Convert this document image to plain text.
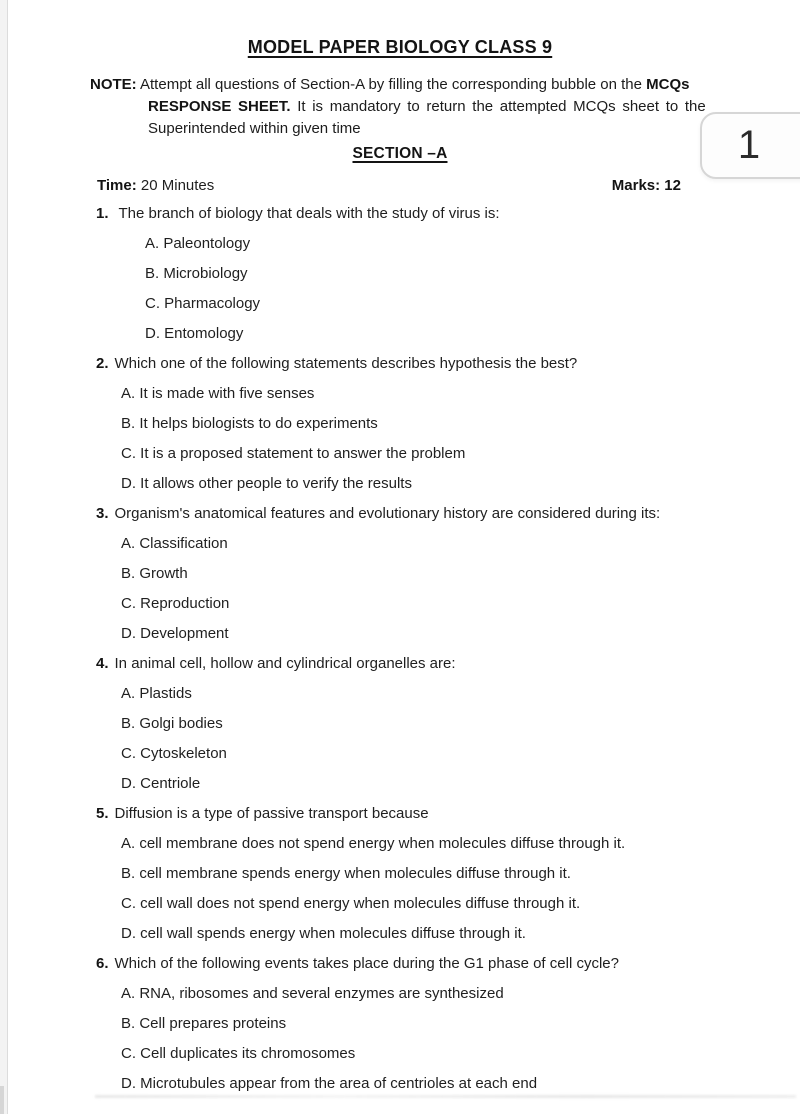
1
MODEL PAPER BIOLOGY CLASS 9
NOTE: Attempt all questions of Section-A by filling the corresponding bubble on the MCQs
RESPONSE SHEET. It is mandatory to return the attempted MCQs sheet to the
Superintended within given time
SECTION –A
Time: 20 Minutes	Marks: 12
1. The branch of biology that deals with the study of virus is:
A. Paleontology
B. Microbiology
C. Pharmacology
D. Entomology
2. Which one of the following statements describes hypothesis the best?
A. It is made with five senses
B. It helps biologists to do experiments
C. It is a proposed statement to answer the problem
D. It allows other people to verify the results
3. Organism's anatomical features and evolutionary history are considered during its:
A. Classification
B. Growth
C. Reproduction
D. Development
4. In animal cell, hollow and cylindrical organelles are:
A. Plastids
B. Golgi bodies
C. Cytoskeleton
D. Centriole
5. Diffusion is a type of passive transport because
A. cell membrane does not spend energy when molecules diffuse through it.
B. cell membrane spends energy when molecules diffuse through it.
C. cell wall does not spend energy when molecules diffuse through it.
D. cell wall spends energy when molecules diffuse through it.
6. Which of the following events takes place during the G1 phase of cell cycle?
A. RNA, ribosomes and several enzymes are synthesized
B. Cell prepares proteins
C. Cell duplicates its chromosomes
D. Microtubules appear from the area of centrioles at each end
